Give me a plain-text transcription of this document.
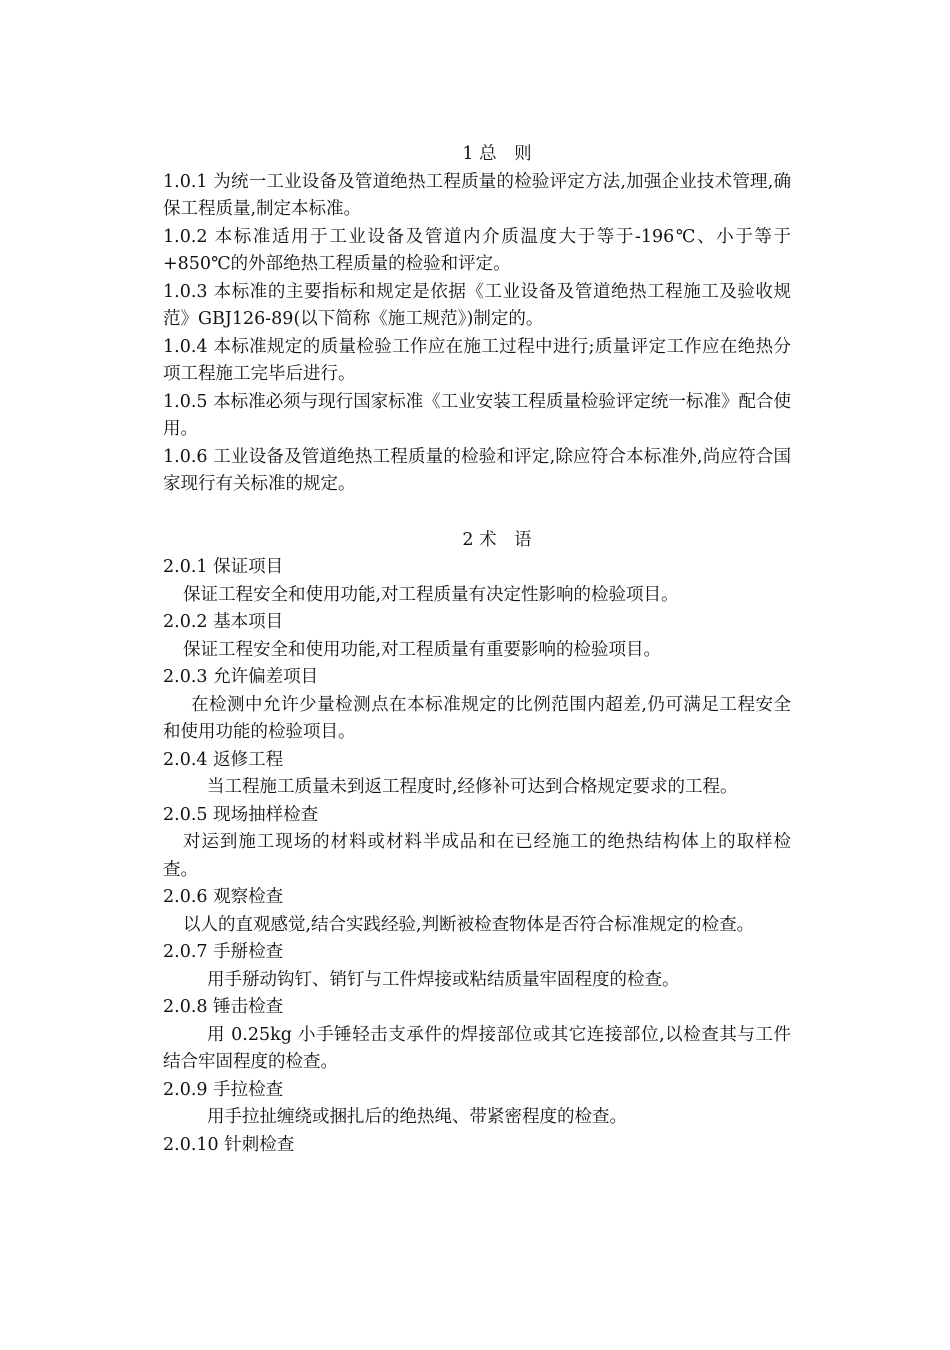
1 总　则

1.0.1 为统一工业设备及管道绝热工程质量的检验评定方法,加强企业技术管理,确保工程质量,制定本标准。

1.0.2 本标准适用于工业设备及管道内介质温度大于等于-196℃、小于等于+850℃的外部绝热工程质量的检验和评定。

1.0.3 本标准的主要指标和规定是依据《工业设备及管道绝热工程施工及验收规范》GBJ126-89(以下简称《施工规范》)制定的。

1.0.4 本标准规定的质量检验工作应在施工过程中进行;质量评定工作应在绝热分项工程施工完毕后进行。

1.0.5 本标准必须与现行国家标准《工业安装工程质量检验评定统一标准》配合使用。

1.0.6 工业设备及管道绝热工程质量的检验和评定,除应符合本标准外,尚应符合国家现行有关标准的规定。

2 术　语

2.0.1 保证项目

保证工程安全和使用功能,对工程质量有决定性影响的检验项目。

2.0.2 基本项目

保证工程安全和使用功能,对工程质量有重要影响的检验项目。

2.0.3 允许偏差项目

在检测中允许少量检测点在本标准规定的比例范围内超差,仍可满足工程安全和使用功能的检验项目。

2.0.4 返修工程

当工程施工质量未到返工程度时,经修补可达到合格规定要求的工程。

2.0.5 现场抽样检查

对运到施工现场的材料或材料半成品和在已经施工的绝热结构体上的取样检查。

2.0.6 观察检查

以人的直观感觉,结合实践经验,判断被检查物体是否符合标准规定的检查。

2.0.7 手掰检查

用手掰动钩钉、销钉与工件焊接或粘结质量牢固程度的检查。

2.0.8 锤击检查

用 0.25kg 小手锤轻击支承件的焊接部位或其它连接部位,以检查其与工件结合牢固程度的检查。

2.0.9 手拉检查

用手拉扯缠绕或捆扎后的绝热绳、带紧密程度的检查。

2.0.10 针刺检查
